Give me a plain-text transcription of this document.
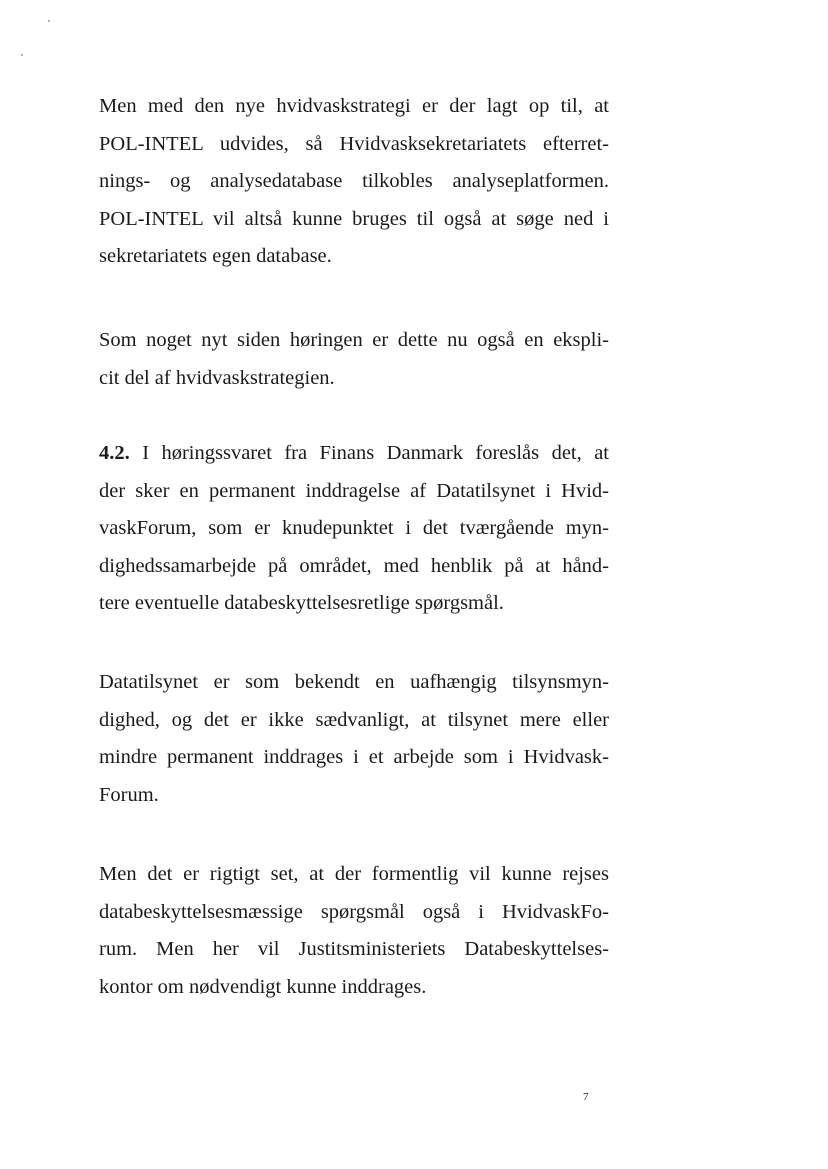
Men med den nye hvidvaskstrategi er der lagt op til, at
POL-INTEL udvides, så Hvidvasksekretariatets efterret-
nings- og analysedatabase tilkobles analyseplatformen.
POL-INTEL vil altså kunne bruges til også at søge ned i
sekretariatets egen database.
Som noget nyt siden høringen er dette nu også en ekspli-
cit del af hvidvaskstrategien.
4.2. I høringssvaret fra Finans Danmark foreslås det, at
der sker en permanent inddragelse af Datatilsynet i Hvid-
vaskForum, som er knudepunktet i det tværgående myn-
dighedssamarbejde på området, med henblik på at hånd-
tere eventuelle databeskyttelsesretlige spørgsmål.
Datatilsynet er som bekendt en uafhængig tilsynsmyn-
dighed, og det er ikke sædvanligt, at tilsynet mere eller
mindre permanent inddrages i et arbejde som i Hvidvask-
Forum.
Men det er rigtigt set, at der formentlig vil kunne rejses
databeskyttelsesmæssige spørgsmål også i HvidvaskFo-
rum. Men her vil Justitsministeriets Databeskyttelses-
kontor om nødvendigt kunne inddrages.
7
